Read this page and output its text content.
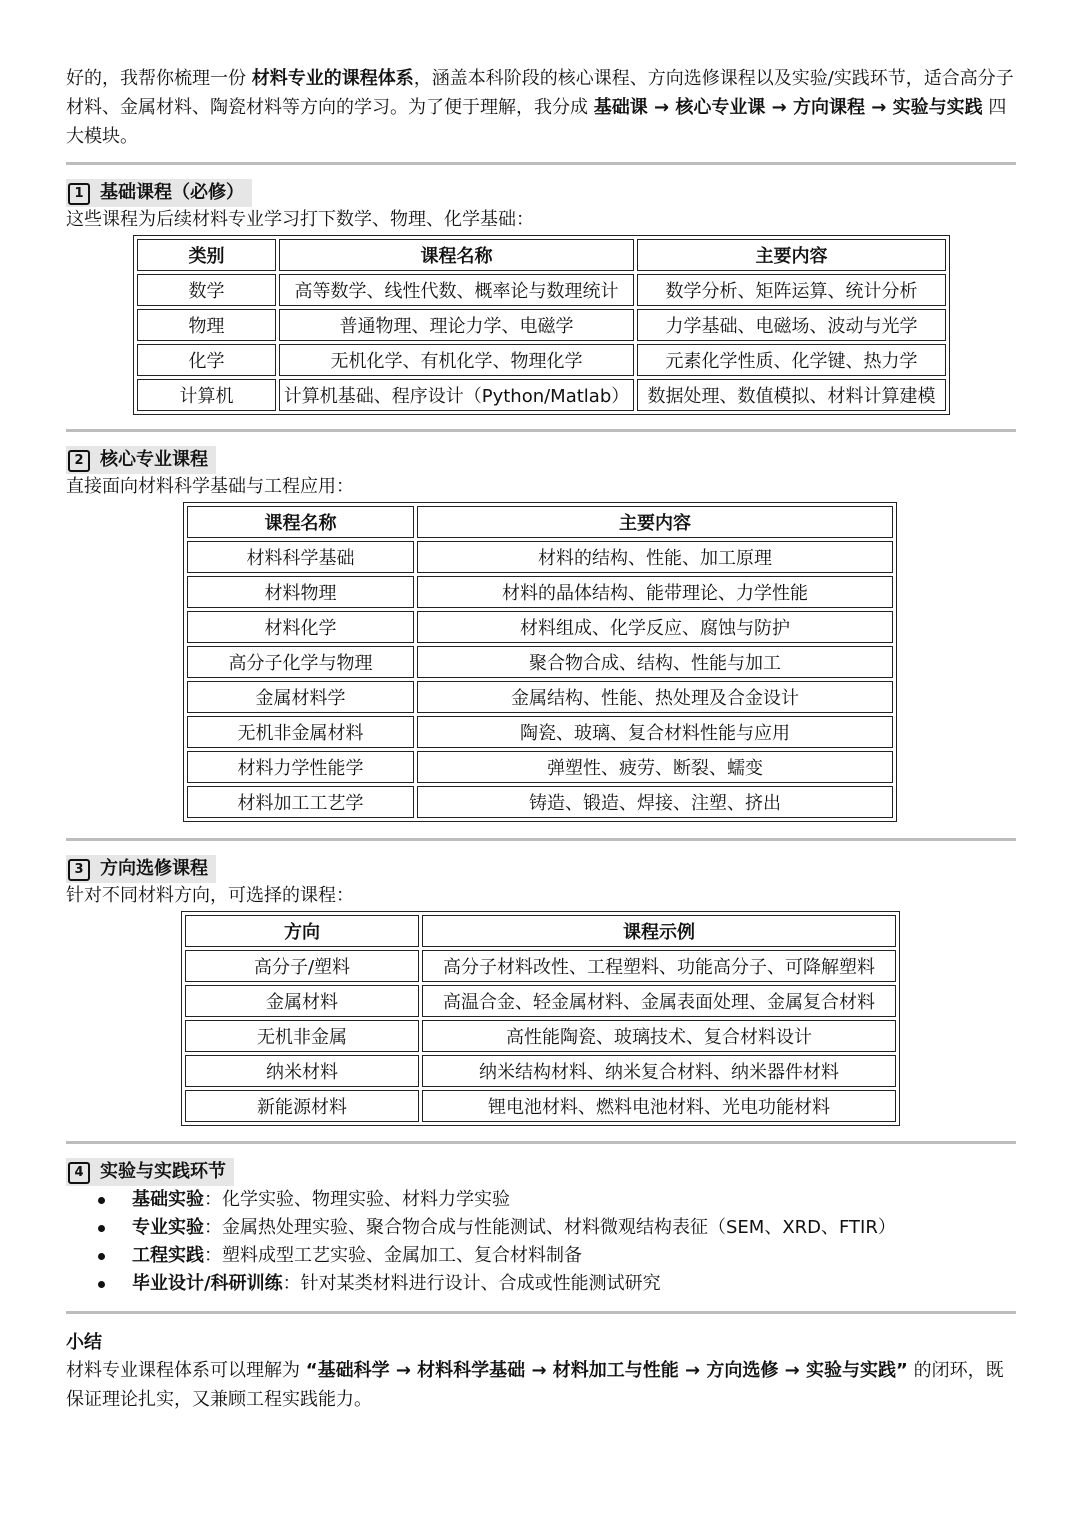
好的，我帮你梳理一份 材料专业的课程体系，涵盖本科阶段的核心课程、方向选修课程以及实验/实践环节，适合高分子材料、金属材料、陶瓷材料等方向的学习。为了便于理解，我分成 基础课 → 核心专业课 → 方向课程 → 实验与实践 四大模块。

1 基础课程（必修）
这些课程为后续材料专业学习打下数学、物理、化学基础：
类别	课程名称	主要内容
数学	高等数学、线性代数、概率论与数理统计	数学分析、矩阵运算、统计分析
物理	普通物理、理论力学、电磁学	力学基础、电磁场、波动与光学
化学	无机化学、有机化学、物理化学	元素化学性质、化学键、热力学
计算机	计算机基础、程序设计（Python/Matlab）	数据处理、数值模拟、材料计算建模
2 核心专业课程
直接面向材料科学基础与工程应用：
课程名称	主要内容
材料科学基础	材料的结构、性能、加工原理
材料物理	材料的晶体结构、能带理论、力学性能
材料化学	材料组成、化学反应、腐蚀与防护
高分子化学与物理	聚合物合成、结构、性能与加工
金属材料学	金属结构、性能、热处理及合金设计
无机非金属材料	陶瓷、玻璃、复合材料性能与应用
材料力学性能学	弹塑性、疲劳、断裂、蠕变
材料加工工艺学	铸造、锻造、焊接、注塑、挤出
3 方向选修课程
针对不同材料方向，可选择的课程：
方向	课程示例
高分子/塑料	高分子材料改性、工程塑料、功能高分子、可降解塑料
金属材料	高温合金、轻金属材料、金属表面处理、金属复合材料
无机非金属	高性能陶瓷、玻璃技术、复合材料设计
纳米材料	纳米结构材料、纳米复合材料、纳米器件材料
新能源材料	锂电池材料、燃料电池材料、光电功能材料
4 实验与实践环节
基础实验：化学实验、物理实验、材料力学实验
专业实验：金属热处理实验、聚合物合成与性能测试、材料微观结构表征（SEM、XRD、FTIR）
工程实践：塑料成型工艺实验、金属加工、复合材料制备
毕业设计/科研训练：针对某类材料进行设计、合成或性能测试研究
小结

材料专业课程体系可以理解为 “基础科学 → 材料科学基础 → 材料加工与性能 → 方向选修 → 实验与实践” 的闭环，既保证理论扎实，又兼顾工程实践能力。
